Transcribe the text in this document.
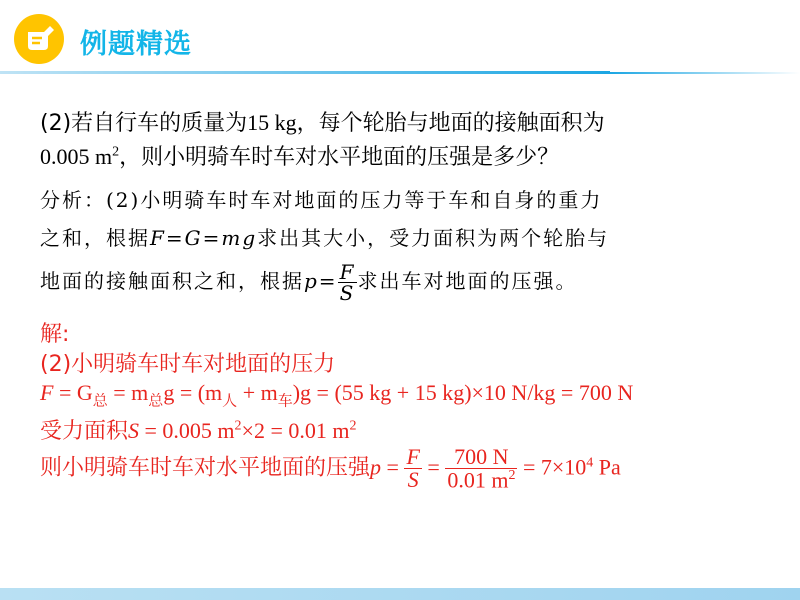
例题精选
(2)若自行车的质量为15 kg，每个轮胎与地面的接触面积为
0.005 $m^2$，则小明骑车时车对水平地面的压强是多少？
分析：(2)小明骑车时车对地面的压力等于车和自身的重力
之和，根据F=G=mg求出其大小，受力面积为两个轮胎与
地面的接触面积之和，根据$p= \frac{F}{S}$ 求出车对地面的压强。
解:
(2)小明骑车时车对地面的压力
$F = G_总 = m_总g = (m_人 + m_车)g = (55$ kg + 15 kg)×10 N/kg = 700 N
受力面积S = 0.005 $m^2\times 2 = 0.01$ $m^2$
则小明骑车时车对水平地面的压强$p = \frac{F}{S} = \frac{700 N}{0.01 m^2} = 7\times 10^4$ Pa
